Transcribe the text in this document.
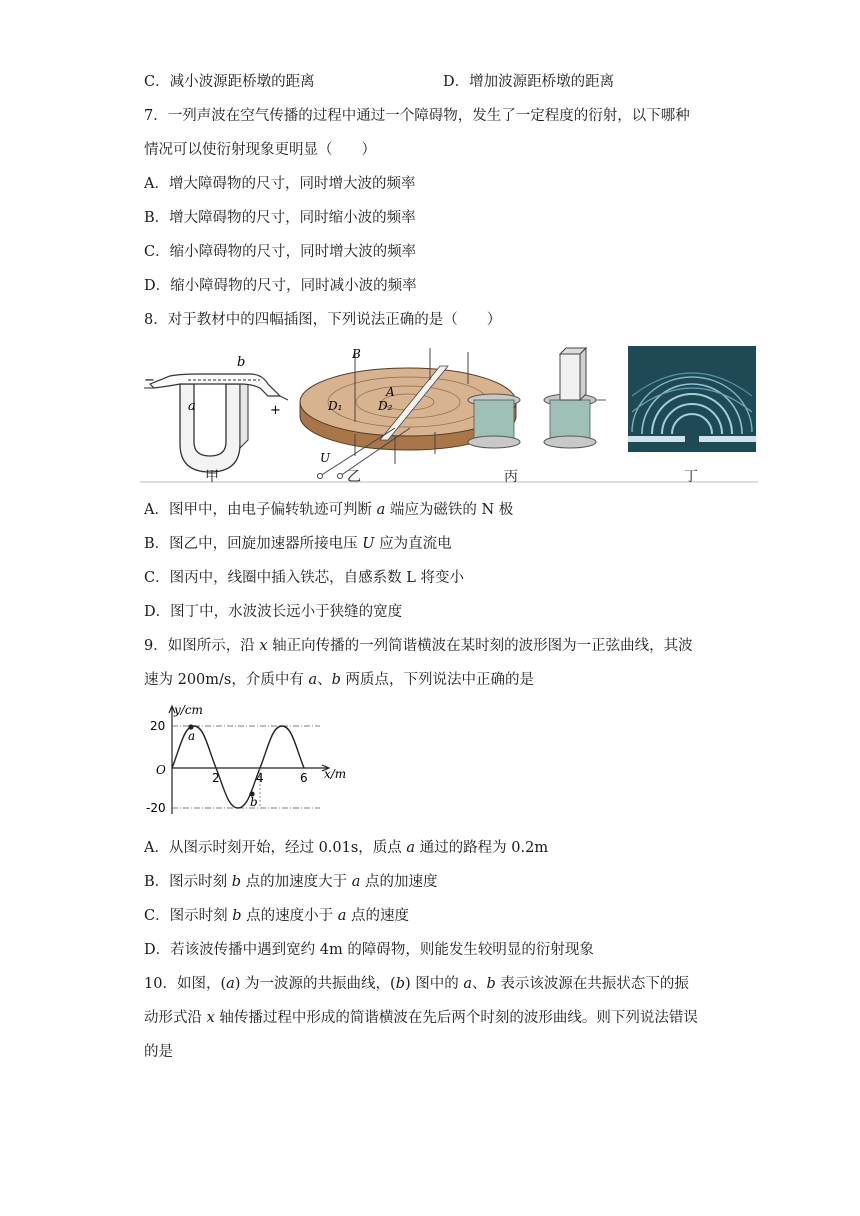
C．减小波源距桥墩的距离	D．增加波源距桥墩的距离
7．一列声波在空气传播的过程中通过一个障碍物，发生了一定程度的衍射，以下哪种
情况可以使衍射现象更明显（　　）
A．增大障碍物的尺寸，同时增大波的频率
B．增大障碍物的尺寸，同时缩小波的频率
C．缩小障碍物的尺寸，同时增大波的频率
D．缩小障碍物的尺寸，同时减小波的频率
8．对于教材中的四幅插图，下列说法正确的是（　　）
b
a
−
+
B
A
D₁	D₂
U
甲	乙	丙	丁
A．图甲中，由电子偏转轨迹可判断 a 端应为磁铁的 N 极
B．图乙中，回旋加速器所接电压 U 应为直流电
C．图丙中，线圈中插入铁芯，自感系数 L 将变小
D．图丁中，水波波长远小于狭缝的宽度
9．如图所示，沿 x 轴正向传播的一列简谐横波在某时刻的波形图为一正弦曲线，其波
速为 200m/s，介质中有 a、b 两质点，下列说法中正确的是
y/cm
x/m
O
20
-20
2	4	6
a
b
A．从图示时刻开始，经过 0.01s，质点 a 通过的路程为 0.2m
B．图示时刻 b 点的加速度大于 a 点的加速度
C．图示时刻 b 点的速度小于 a 点的速度
D．若该波传播中遇到宽约 4m 的障碍物，则能发生较明显的衍射现象
10．如图，(a) 为一波源的共振曲线，(b) 图中的 a、b 表示该波源在共振状态下的振
动形式沿 x 轴传播过程中形成的简谐横波在先后两个时刻的波形曲线。则下列说法错误
的是
